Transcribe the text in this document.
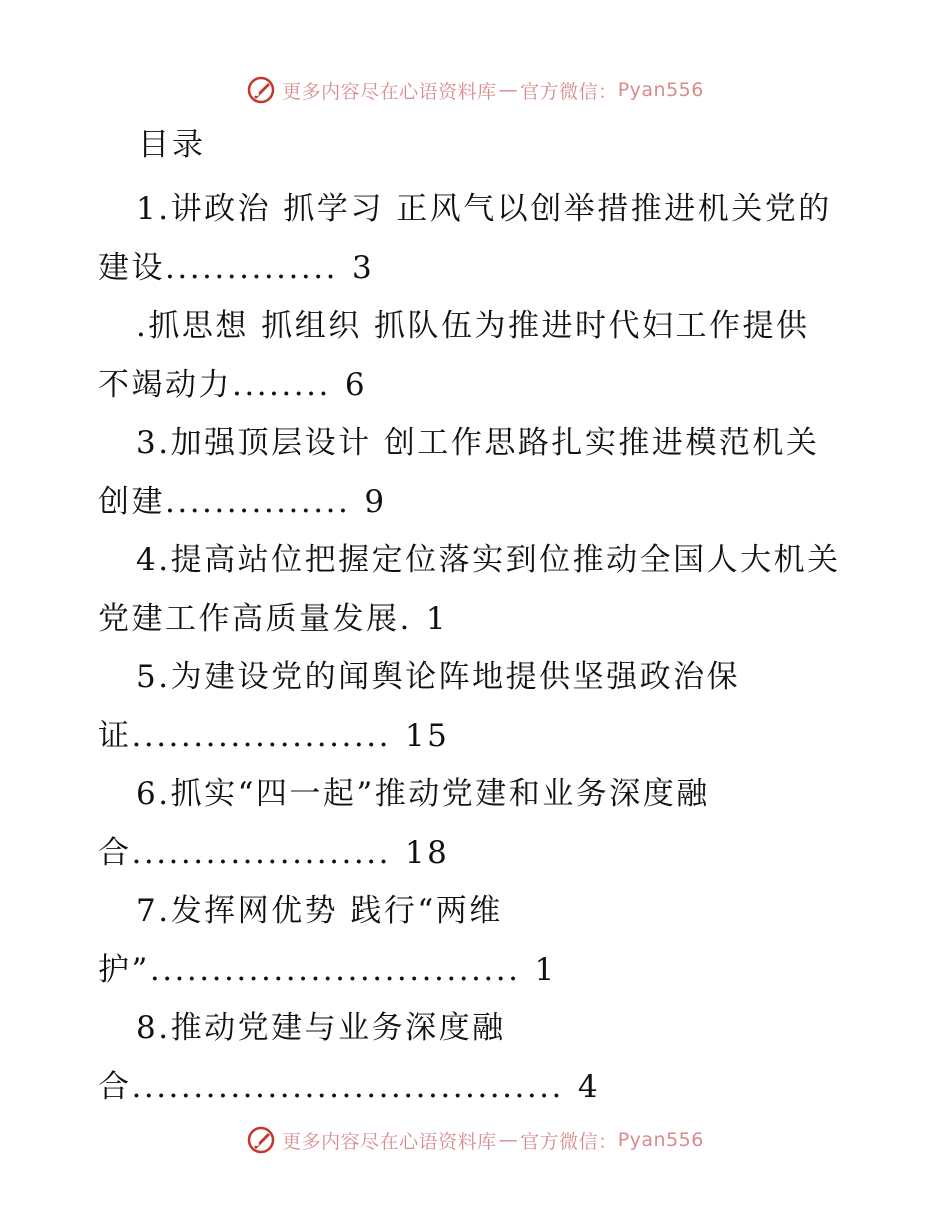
更多内容尽在心语资料库 — 官方微信： Pyan556
目录
1.讲政治 抓学习 正风气以创举措推进机关党的
建设.............. 3
.抓思想 抓组织 抓队伍为推进时代妇工作提供
不竭动力........ 6
3.加强顶层设计 创工作思路扎实推进模范机关
创建............... 9
4.提高站位把握定位落实到位推动全国人大机关
党建工作高质量发展. 1
5.为建设党的闻舆论阵地提供坚强政治保
证..................... 15
6.抓实“四一起”推动党建和业务深度融
合..................... 18
7.发挥网优势 践行“两维
护”.............................. 1
8.推动党建与业务深度融
合................................... 4
更多内容尽在心语资料库 — 官方微信： Pyan556
